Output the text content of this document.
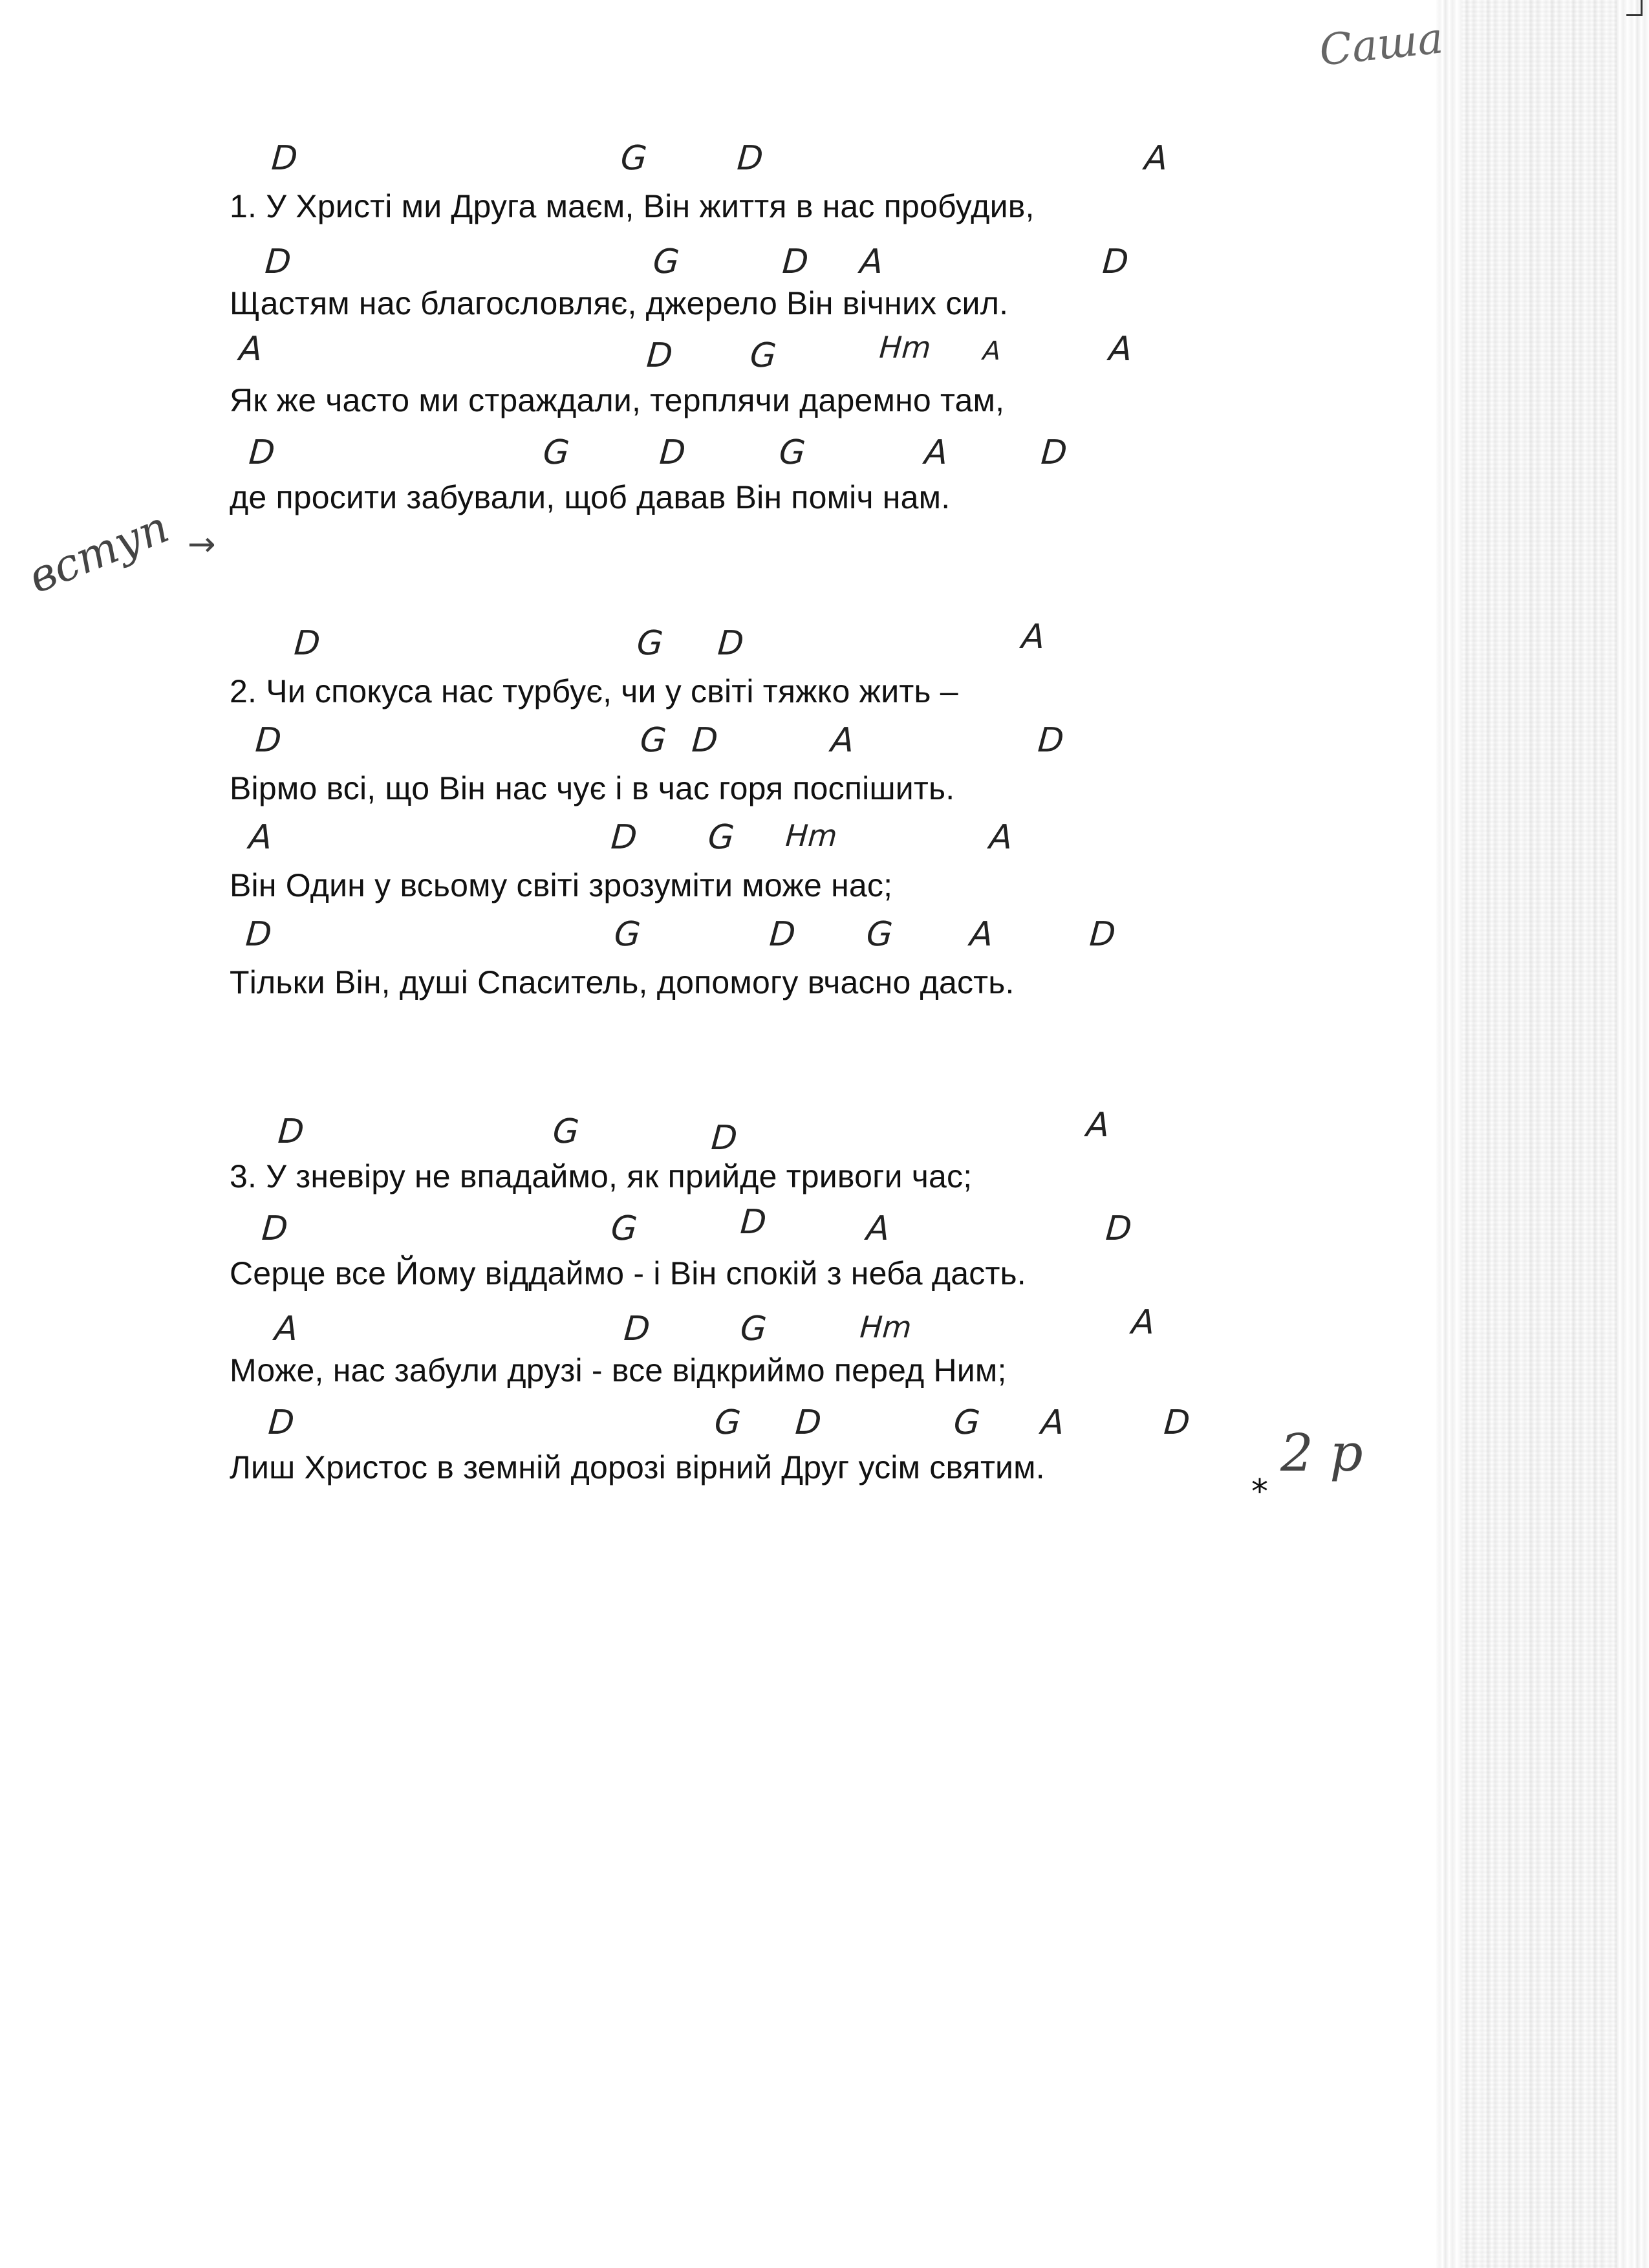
Саша

вступ →

*

2 р

D	G	D	A

1. У Христі ми Друга маєм, Він життя в нас пробудив,

D	G	D A	D

Щастям нас благословляє, джерело Він вічних сил.

A	D G	Hm A	A

Як же часто ми страждали, терплячи даремно там,

D	G	D	G	A	D

де просити забували, щоб давав Він поміч нам.

D	G D	A

2. Чи спокуса нас турбує, чи у світі тяжко жить –

D	G D	A	D

Вірмо всі, що Він нас чує і в час горя поспішить.

A	D G Hm	A

Він Один у всьому світі зрозуміти може нас;

D	G	D G A	D

Тільки Він, душі Спаситель, допомогу вчасно дасть.

D	G	D	A

3. У зневіру не впадаймо, як прийде тривоги час;

D	G	D	A	D

Серце все Йому віддаймо - і Він спокій з неба дасть.

A	D	G	Hm	A

Може, нас забули друзі - все відкриймо перед Ним;

D	G D	G A	D

Лиш Христос в земній дорозі вірний Друг усім святим.
